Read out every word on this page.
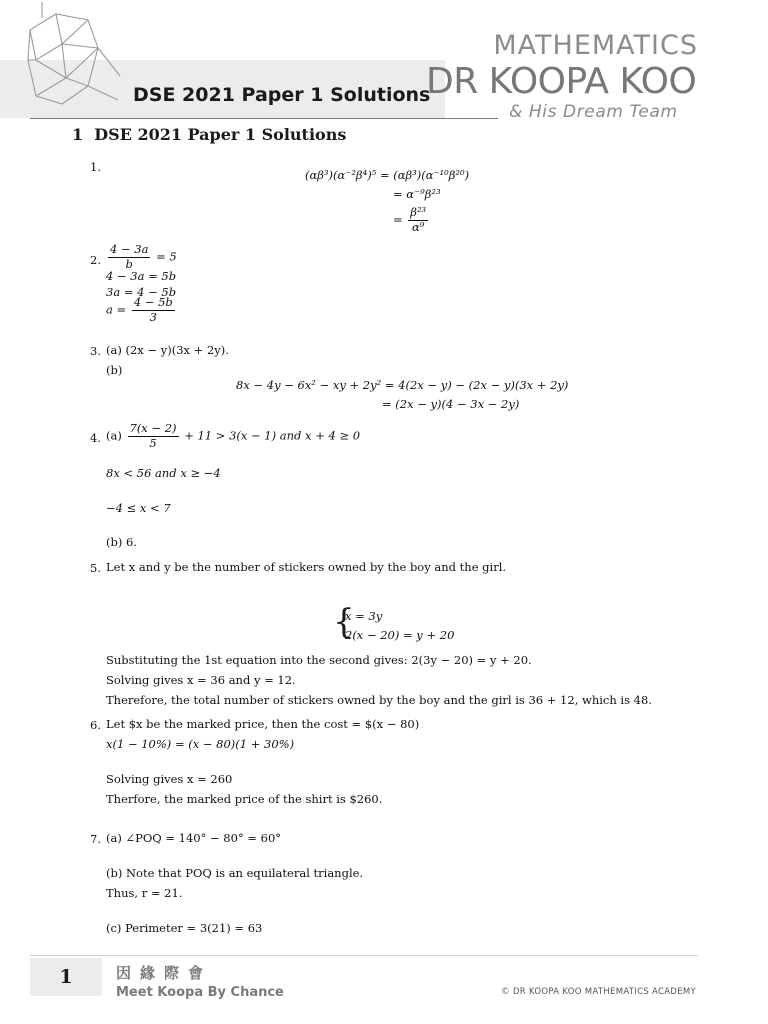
DSE 2021 Paper 1 Solutions
MATHEMATICS
DR KOOPA KOO
& His Dream Team
1 DSE 2021 Paper 1 Solutions
1.
(αβ³)(α⁻²β⁴)⁵ = (αβ³)(α⁻¹⁰β²⁰)
= α⁻⁹β²³
= $\frac{\text{β²³}}{\text{α⁹}}$
2. $\frac{4 - 3a}{b} = 5$
4 − 3a = 5b
3a = 4 − 5b
$a = \frac{4 - 5b}{3}$
3. (a) (2x − y)(3x + 2y).
(b)
8x − 4y − 6x² − xy + 2y² = 4(2x − y) − (2x − y)(3x + 2y)
= (2x − y)(4 − 3x − 2y)
4. $(a) \frac{7(x - 2)}{5} + 11 > 3(x - 1)$ and x + 4 ≥ 0
8x < 56 and x ≥ −4
−4 ≤ x < 7
(b) 6.
5. Let x and y be the number of stickers owned by the boy and the girl.
{
x = 3y
2(x − 20) = y + 20
Substituting the 1st equation into the second gives: 2(3y − 20) = y + 20.
Solving gives x = 36 and y = 12.
Therefore, the total number of stickers owned by the boy and the girl is 36 + 12, which is 48.
6. Let $x be the marked price, then the cost = $(x − 80)
x(1 − 10%) = (x − 80)(1 + 30%)
Solving gives x = 260
Therfore, the marked price of the shirt is $260.
7. (a) ∠POQ = 140° − 80° = 60°
(b) Note that POQ is an equilateral triangle.
Thus, r = 21.
(c) Perimeter = 3(21) = 63
1	因緣際會
Meet Koopa By Chance	© DR KOOPA KOO MATHEMATICS ACADEMY
